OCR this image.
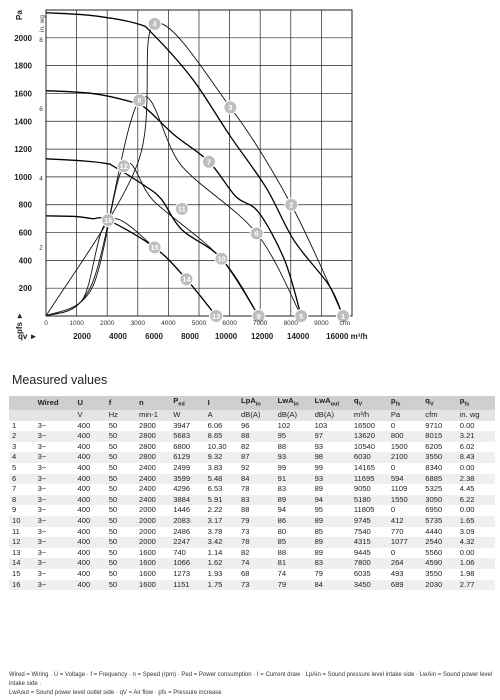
1
2
3
4
5
6
7
8
9
10
11
12
13
14
15
16
2000
1800
1600
1400
1200
1000
800
600
400
200
8
6
4
2
Pa in. wg
pfs ►	0	1000 2000 3000 4000 5000 6000 7000 8000 9000 cfm
2000 4000 6000 8000 10000 12000 14000 16000 m³/h
qv ►
Measured values
	Wired	U	f	n	$P_{ed}$	I	LpA$_{in}$	LwA$_{in}$	LwA$_{out}$	$q_V$	$p_{fs}$	$q_V$	$p_{fs}$
		V	Hz	min-1	W	A	dB(A)	dB(A)	dB(A)	m³/h	Pa	cfm	in. wg
1	3~	400	50	2800	3947	6.06	96	102	103	16500	0	9710	0.00
2	3~	400	50	2800	5683	8.65	88	95	97	13620	800	8015	3.21
3	3~	400	50	2800	6800	10.30	82	88	93	10540	1500	6205	6.02
4	3~	400	50	2800	6129	9.32	87	93	98	6030	2100	3550	8.43
5	3~	400	50	2400	2499	3.83	92	99	99	14165	0	8340	0.00
6	3~	400	50	2400	3599	5.48	84	91	93	11695	594	6885	2.38
7	3~	400	50	2400	4296	6.53	78	83	89	9050	1109	5325	4.45
8	3~	400	50	2400	3884	5.91	83	89	94	5180	1550	3050	6.22
9	3~	400	50	2000	1446	2.22	88	94	95	11805	0	6950	0.00
10	3~	400	50	2000	2083	3.17	79	86	89	9745	412	5735	1.65
11	3~	400	50	2000	2486	3.78	73	80	85	7540	770	4440	3.09
12	3~	400	50	2000	2247	3.42	78	85	89	4315	1077	2540	4.32
13	3~	400	50	1600	740	1.14	82	88	89	9445	0	5560	0.00
14	3~	400	50	1600	1066	1.62	74	81	83	7800	264	4590	1.06
15	3~	400	50	1600	1273	1.93	68	74	79	6035	493	3550	1.98
16	3~	400	50	1600	1151	1.75	73	79	84	3450	689	2030	2.77
Wired = Wiring · U = Voltage · f = Frequency · n = Speed (rpm) · Ped = Power consumption · I = Current draw · LpAin = Sound pressure level intake side · LwAin = Sound power level intake side ·
LwAout = Sound power level outlet side · qV = Air flow · pfs = Pressure increase
